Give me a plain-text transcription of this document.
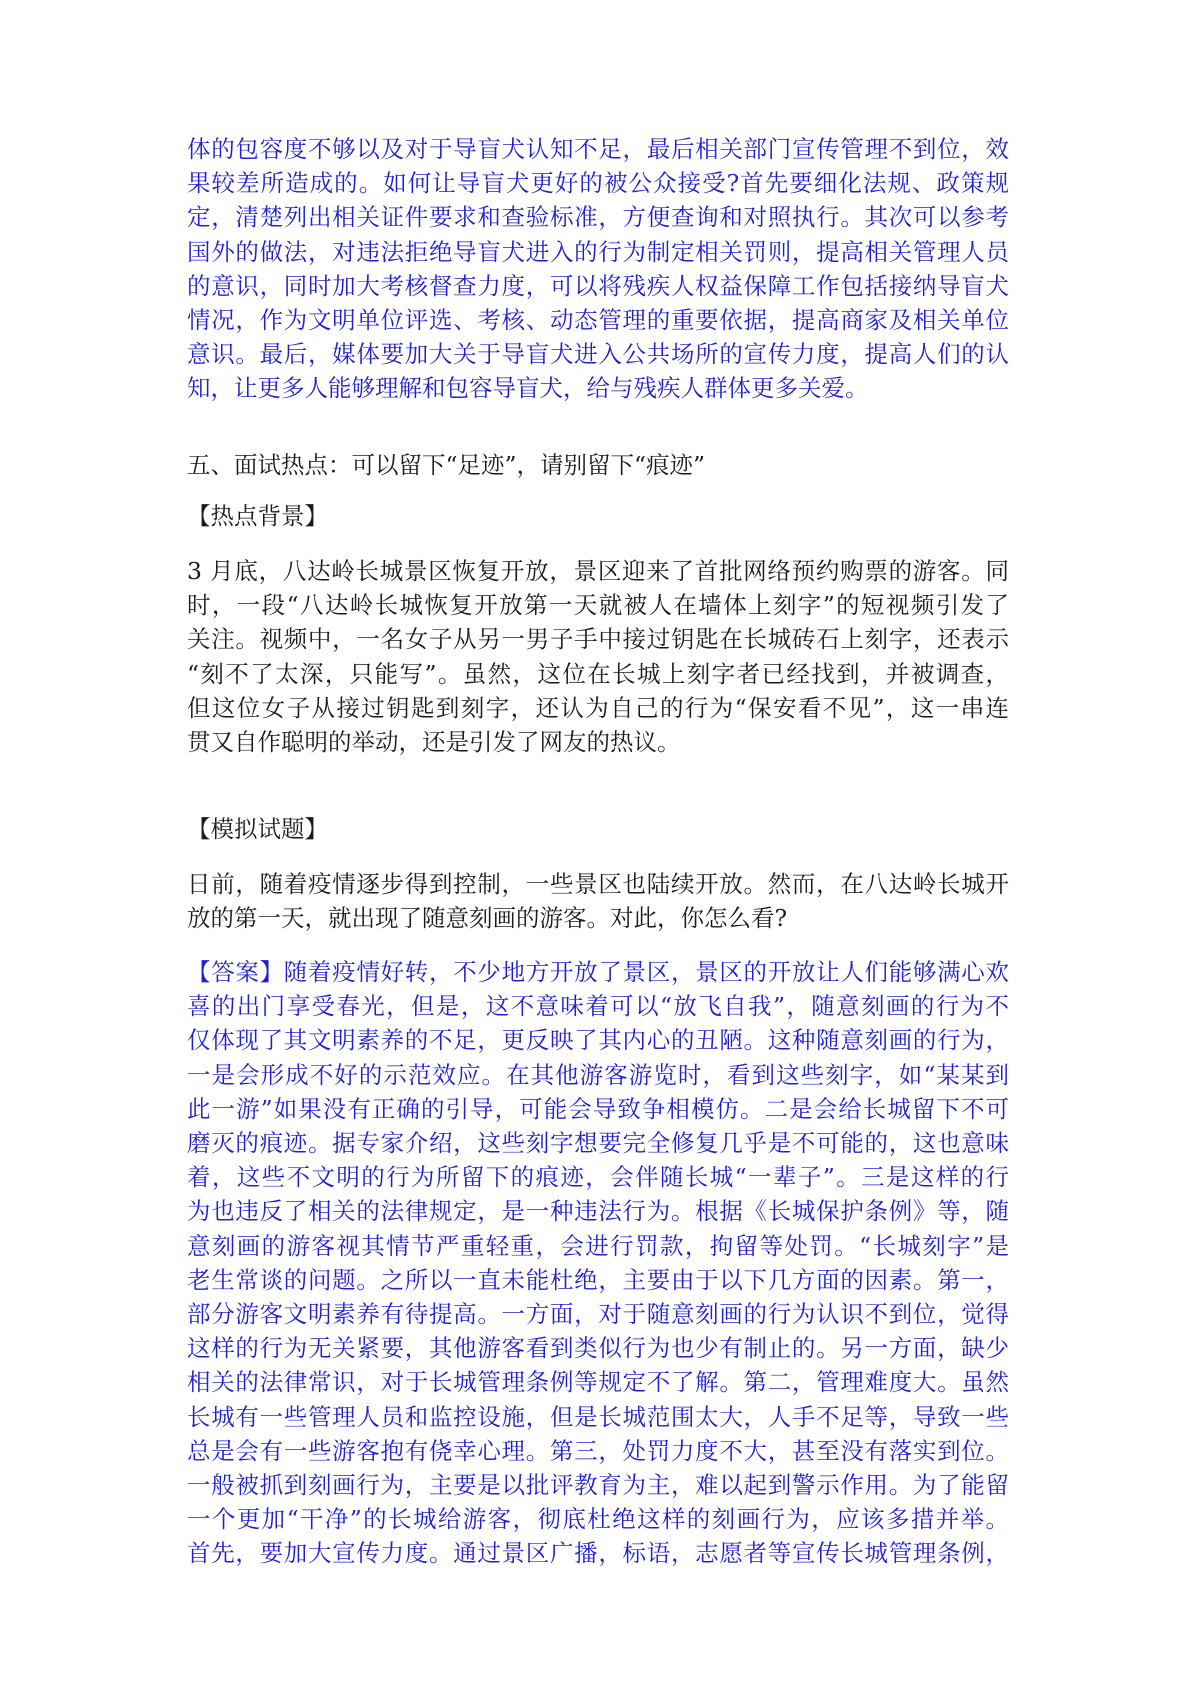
体的包容度不够以及对于导盲犬认知不足，最后相关部门宣传管理不到位，效
果较差所造成的。如何让导盲犬更好的被公众接受?首先要细化法规、政策规
定，清楚列出相关证件要求和查验标准，方便查询和对照执行。其次可以参考
国外的做法，对违法拒绝导盲犬进入的行为制定相关罚则，提高相关管理人员
的意识，同时加大考核督查力度，可以将残疾人权益保障工作包括接纳导盲犬
情况，作为文明单位评选、考核、动态管理的重要依据，提高商家及相关单位
意识。最后，媒体要加大关于导盲犬进入公共场所的宣传力度，提高人们的认
知，让更多人能够理解和包容导盲犬，给与残疾人群体更多关爱。
五、面试热点：可以留下“足迹”，请别留下“痕迹”
【热点背景】
3 月底，八达岭长城景区恢复开放，景区迎来了首批网络预约购票的游客。同
时，一段“八达岭长城恢复开放第一天就被人在墙体上刻字”的短视频引发了
关注。视频中，一名女子从另一男子手中接过钥匙在长城砖石上刻字，还表示
“刻不了太深，只能写”。虽然，这位在长城上刻字者已经找到，并被调查，
但这位女子从接过钥匙到刻字，还认为自己的行为“保安看不见”，这一串连
贯又自作聪明的举动，还是引发了网友的热议。
【模拟试题】
日前，随着疫情逐步得到控制，一些景区也陆续开放。然而，在八达岭长城开
放的第一天，就出现了随意刻画的游客。对此，你怎么看?
【答案】随着疫情好转，不少地方开放了景区，景区的开放让人们能够满心欢
喜的出门享受春光，但是，这不意味着可以“放飞自我”，随意刻画的行为不
仅体现了其文明素养的不足，更反映了其内心的丑陋。这种随意刻画的行为，
一是会形成不好的示范效应。在其他游客游览时，看到这些刻字，如“某某到
此一游”如果没有正确的引导，可能会导致争相模仿。二是会给长城留下不可
磨灭的痕迹。据专家介绍，这些刻字想要完全修复几乎是不可能的，这也意味
着，这些不文明的行为所留下的痕迹，会伴随长城“一辈子”。三是这样的行
为也违反了相关的法律规定，是一种违法行为。根据《长城保护条例》等，随
意刻画的游客视其情节严重轻重，会进行罚款，拘留等处罚。“长城刻字”是
老生常谈的问题。之所以一直未能杜绝，主要由于以下几方面的因素。第一，
部分游客文明素养有待提高。一方面，对于随意刻画的行为认识不到位，觉得
这样的行为无关紧要，其他游客看到类似行为也少有制止的。另一方面，缺少
相关的法律常识，对于长城管理条例等规定不了解。第二，管理难度大。虽然
长城有一些管理人员和监控设施，但是长城范围太大，人手不足等，导致一些
总是会有一些游客抱有侥幸心理。第三，处罚力度不大，甚至没有落实到位。
一般被抓到刻画行为，主要是以批评教育为主，难以起到警示作用。为了能留
一个更加“干净”的长城给游客，彻底杜绝这样的刻画行为，应该多措并举。
首先，要加大宣传力度。通过景区广播，标语，志愿者等宣传长城管理条例，
